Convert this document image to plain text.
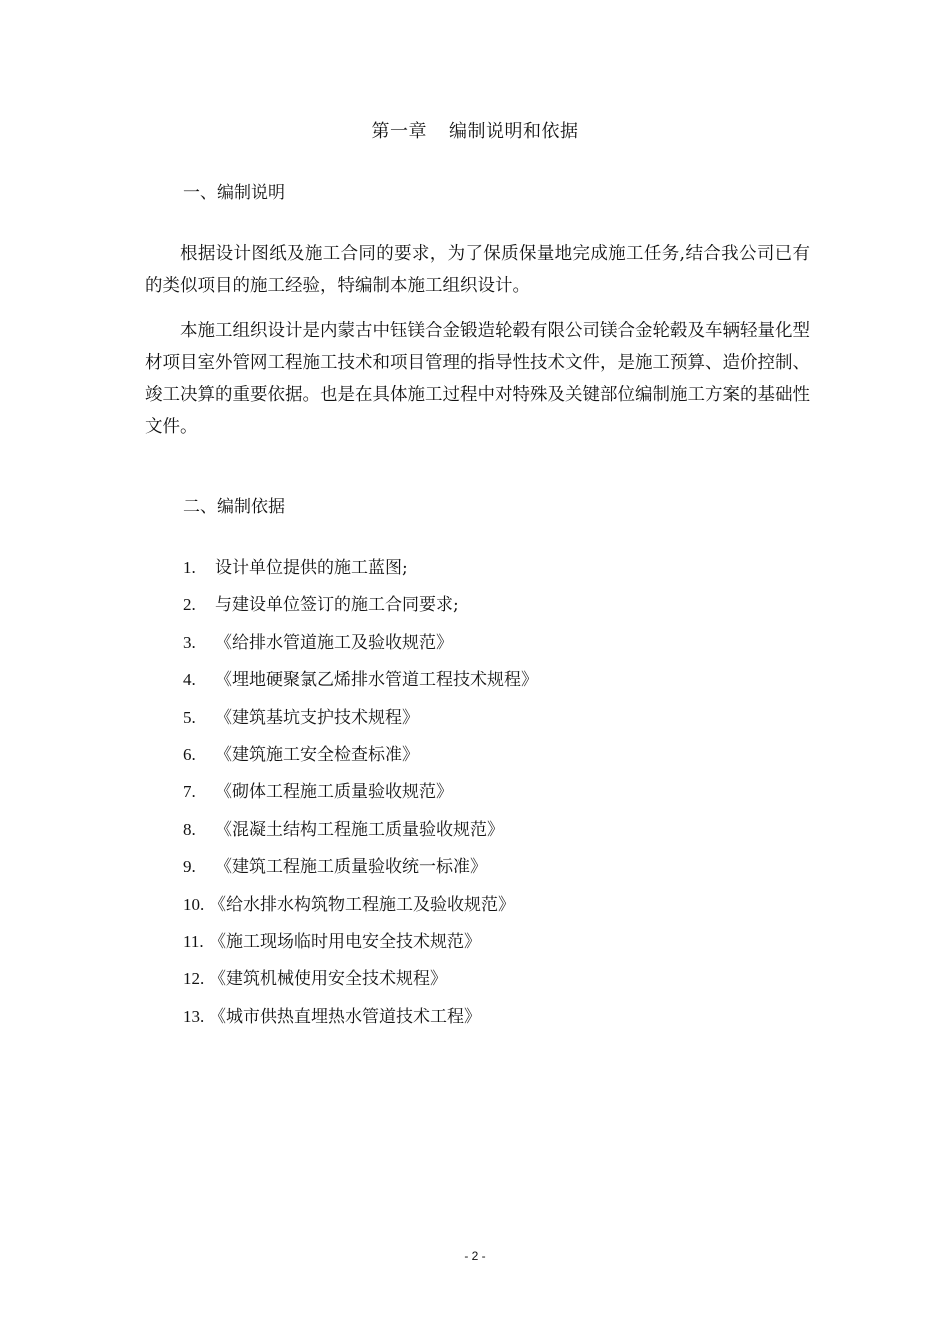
第一章 编制说明和依据
一、编制说明

根据设计图纸及施工合同的要求，为了保质保量地完成施工任务,结合我公司已有的类似项目的施工经验，特编制本施工组织设计。

本施工组织设计是内蒙古中钰镁合金锻造轮毂有限公司镁合金轮毂及车辆轻量化型材项目室外管网工程施工技术和项目管理的指导性技术文件，是施工预算、造价控制、竣工决算的重要依据。也是在具体施工过程中对特殊及关键部位编制施工方案的基础性文件。

二、编制依据
1. 设计单位提供的施工蓝图;
2. 与建设单位签订的施工合同要求;
3. 《给排水管道施工及验收规范》
4. 《埋地硬聚氯乙烯排水管道工程技术规程》
5. 《建筑基坑支护技术规程》
6. 《建筑施工安全检查标准》
7. 《砌体工程施工质量验收规范》
8. 《混凝土结构工程施工质量验收规范》
9. 《建筑工程施工质量验收统一标准》
10. 《给水排水构筑物工程施工及验收规范》
11. 《施工现场临时用电安全技术规范》
12. 《建筑机械使用安全技术规程》
13. 《城市供热直埋热水管道技术工程》
- 2 -
